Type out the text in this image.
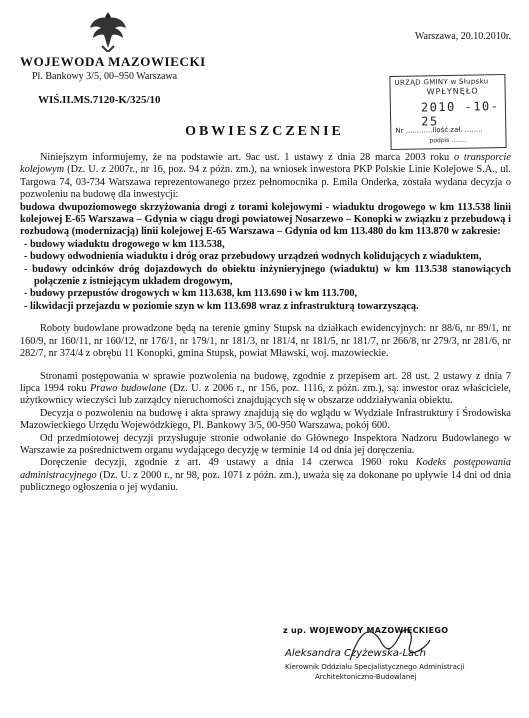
Warszawa, 20.10.2010r.
WOJEWODA MAZOWIECKI
Pl. Bankowy 3/5, 00–950 Warszawa
WIŚ.II.MS.7120-K/325/10
URZĄD GMINY w Słupsku
WPŁYNĘŁO
2010 -10- 25
Nr ............Ilość zał. ........
podpis ........
OBWIESZCZENIE

Niniejszym informujemy, że na podstawie art. 9ac ust. 1 ustawy z dnia 28 marca 2003 roku o transporcie kolejowym (Dz. U. z 2007r., nr 16, poz. 94 z późn. zm.), na wniosek inwestora PKP Polskie Linie Kolejowe S.A., ul. Targowa 74, 03-734 Warszawa reprezentowanego przez pełnomocnika p. Emila Onderka, została wydana decyzja o pozwoleniu na budowę dla inwestycji:

budowa dwupoziomowego skrzyżowania drogi z torami kolejowymi - wiaduktu drogowego w km 113.538 linii kolejowej E-65 Warszawa – Gdynia w ciągu drogi powiatowej Nosarzewo – Konopki w związku z przebudową i rozbudową (modernizacją) linii kolejowej E-65 Warszawa – Gdynia od km 113.480 do km 113.870 w zakresie:

- budowy wiaduktu drogowego w km 113.538,
- budowy odwodnienia wiaduktu i dróg oraz przebudowy urządzeń wodnych kolidujących z wiaduktem,
- budowy odcinków dróg dojazdowych do obiektu inżynieryjnego (wiaduktu) w km 113.538 stanowiących połączenie z istniejącym układem drogowym,
- budowy przepustów drogowych w km 113.638, km 113.690 i w km 113.700,
- likwidacji przejazdu w poziomie szyn w km 113.698 wraz z infrastrukturą towarzyszącą.

Roboty budowlane prowadzone będą na terenie gminy Stupsk na działkach ewidencyjnych: nr 88/6, nr 89/1, nr 160/9, nr 160/11, nr 160/12, nr 176/1, nr 179/1, nr 181/3, nr 181/4, nr 181/5, nr 181/7, nr 266/8, nr 279/3, nr 281/6, nr 282/7, nr 374/4 z obrębu 11 Konopki, gmina Stupsk, powiat Mławski, woj. mazowieckie.

Stronami postępowania w sprawie pozwolenia na budowę, zgodnie z przepisem art. 28 ust. 2 ustawy z dnia 7 lipca 1994 roku Prawo budowlane (Dz. U. z 2006 r., nr 156, poz. 1116, z późn. zm.), są: inwestor oraz właściciele, użytkownicy wieczyści lub zarządcy nieruchomości znajdujących się w obszarze oddziaływania obiektu.

Decyzja o pozwoleniu na budowę i akta sprawy znajdują się do wglądu w Wydziale Infrastruktury i Środowiska Mazowieckiego Urzędu Wojewódzkiego, Pl. Bankowy 3/5, 00-950 Warszawa, pokój 600.

Od przedmiotowej decyzji przysługuje stronie odwołanie do Głównego Inspektora Nadzoru Budowlanego w Warszawie za pośrednictwem organu wydającego decyzję w terminie 14 od dnia jej doręczenia.

Doręczenie decyzji, zgodnie z art. 49 ustawy a dnia 14 czerwca 1960 roku Kodeks postępowania administracyjnego (Dz. U. z 2000 r., nr 98, poz. 1071 z późn. zm.), uważa się za dokonane po upływie 14 dni od dnia publicznego ogłoszenia o jej wydaniu.

z up. WOJEWODY MAZOWIECKIEGO
Aleksandra Czyżewska-Lach
Kierownik Oddziału Specjalistycznego Administracji
Architektoniczno-Budowlanej
